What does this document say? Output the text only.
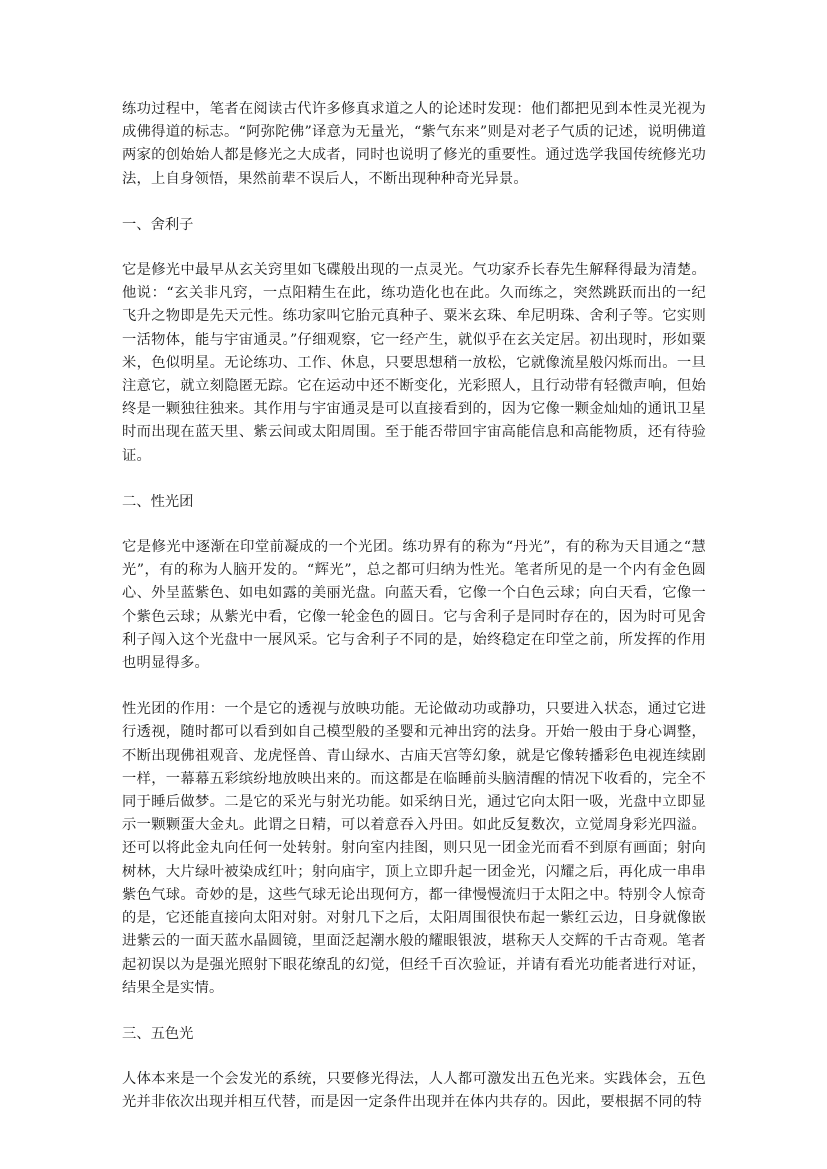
练功过程中，笔者在阅读古代许多修真求道之人的论述时发现：他们都把见到本性灵光视为成佛得道的标志。“阿弥陀佛”译意为无量光，“紫气东来”则是对老子气质的记述，说明佛道两家的创始始人都是修光之大成者，同时也说明了修光的重要性。通过选学我国传统修光功法，上自身领悟，果然前辈不误后人，不断出现种种奇光异景。

一、舍利子

它是修光中最早从玄关窍里如飞碟般出现的一点灵光。气功家乔长春先生解释得最为清楚。他说：“玄关非凡窍，一点阳精生在此，练功造化也在此。久而练之，突然跳跃而出的一纪飞升之物即是先天元性。练功家叫它胎元真种子、粟米玄珠、牟尼明珠、舍利子等。它实则一活物体，能与宇宙通灵。”仔细观察，它一经产生，就似乎在玄关定居。初出现时，形如粟米，色似明星。无论练功、工作、休息，只要思想稍一放松，它就像流星般闪烁而出。一旦注意它，就立刻隐匿无踪。它在运动中还不断变化，光彩照人，且行动带有轻微声响，但始终是一颗独往独来。其作用与宇宙通灵是可以直接看到的，因为它像一颗金灿灿的通讯卫星时而出现在蓝天里、紫云间或太阳周围。至于能否带回宇宙高能信息和高能物质，还有待验证。

二、性光团

它是修光中逐渐在印堂前凝成的一个光团。练功界有的称为“丹光”，有的称为天目通之“慧光”，有的称为人脑开发的。“辉光”，总之都可归纳为性光。笔者所见的是一个内有金色圆心、外呈蓝紫色、如电如露的美丽光盘。向蓝天看，它像一个白色云球；向白天看，它像一个紫色云球；从紫光中看，它像一轮金色的圆日。它与舍利子是同时存在的，因为时可见舍利子闯入这个光盘中一展风采。它与舍利子不同的是，始终稳定在印堂之前，所发挥的作用也明显得多。

性光团的作用：一个是它的透视与放映功能。无论做动功或静功，只要进入状态，通过它进行透视，随时都可以看到如自己模型般的圣婴和元神出窍的法身。开始一般由于身心调整，不断出现佛祖观音、龙虎怪兽、青山绿水、古庙天宫等幻象，就是它像转播彩色电视连续剧一样，一幕幕五彩缤纷地放映出来的。而这都是在临睡前头脑清醒的情况下收看的，完全不同于睡后做梦。二是它的采光与射光功能。如采纳日光，通过它向太阳一吸，光盘中立即显示一颗颗蛋大金丸。此谓之日精，可以着意吞入丹田。如此反复数次，立觉周身彩光四溢。还可以将此金丸向任何一处转射。射向室内挂图，则只见一团金光而看不到原有画面；射向树林，大片绿叶被染成红叶；射向庙宇，顶上立即升起一团金光，闪耀之后，再化成一串串紫色气球。奇妙的是，这些气球无论出现何方，都一律慢慢流归于太阳之中。特别令人惊奇的是，它还能直接向太阳对射。对射几下之后，太阳周围很快布起一紫红云边，日身就像嵌进紫云的一面天蓝水晶圆镜，里面泛起潮水般的耀眼银波，堪称天人交辉的千古奇观。笔者起初误以为是强光照射下眼花缭乱的幻觉，但经千百次验证，并请有看光功能者进行对证，结果全是实情。

三、五色光

人体本来是一个会发光的系统，只要修光得法，人人都可激发出五色光来。实践体会，五色光并非依次出现并相互代替，而是因一定条件出现并在体内共存的。因此，要根据不同的特
